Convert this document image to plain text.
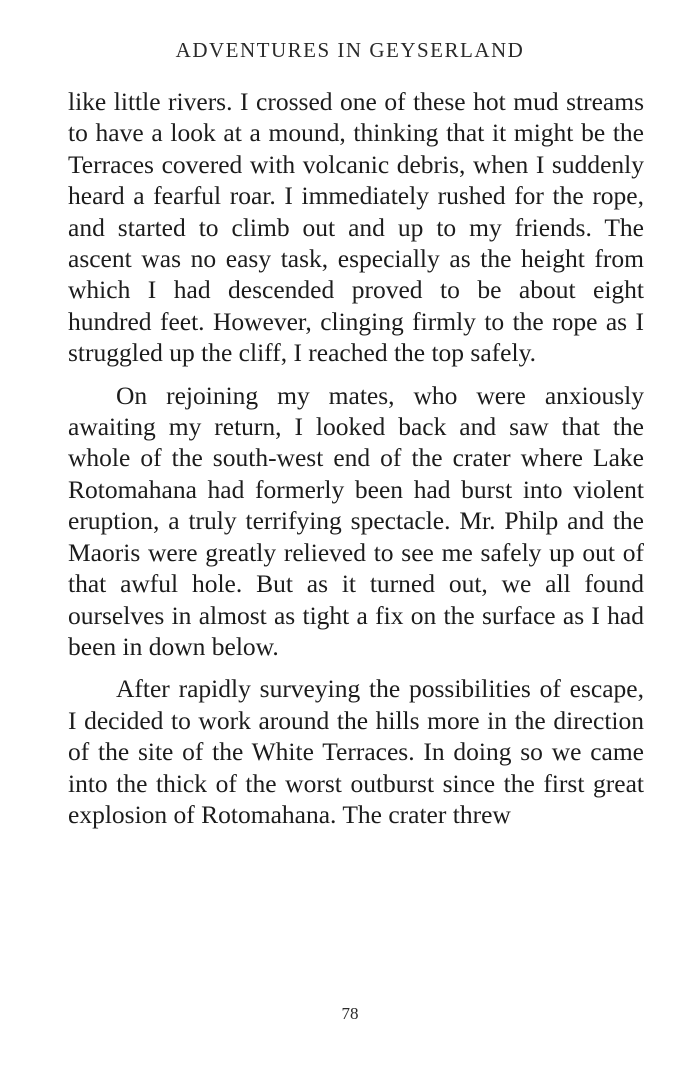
ADVENTURES IN GEYSERLAND

like little rivers. I crossed one of these hot mud streams to have a look at a mound, thinking that it might be the Terraces covered with volcanic debris, when I suddenly heard a fearful roar. I immediately rushed for the rope, and started to climb out and up to my friends. The ascent was no easy task, especially as the height from which I had descended proved to be about eight hundred feet. However, clinging firmly to the rope as I struggled up the cliff, I reached the top safely.

On rejoining my mates, who were anxiously awaiting my return, I looked back and saw that the whole of the south-west end of the crater where Lake Rotomahana had formerly been had burst into violent eruption, a truly terrifying spectacle. Mr. Philp and the Maoris were greatly relieved to see me safely up out of that awful hole. But as it turned out, we all found ourselves in almost as tight a fix on the surface as I had been in down below.

After rapidly surveying the possibilities of escape, I decided to work around the hills more in the direction of the site of the White Terraces. In doing so we came into the thick of the worst outburst since the first great explosion of Rotomahana. The crater threw

78
